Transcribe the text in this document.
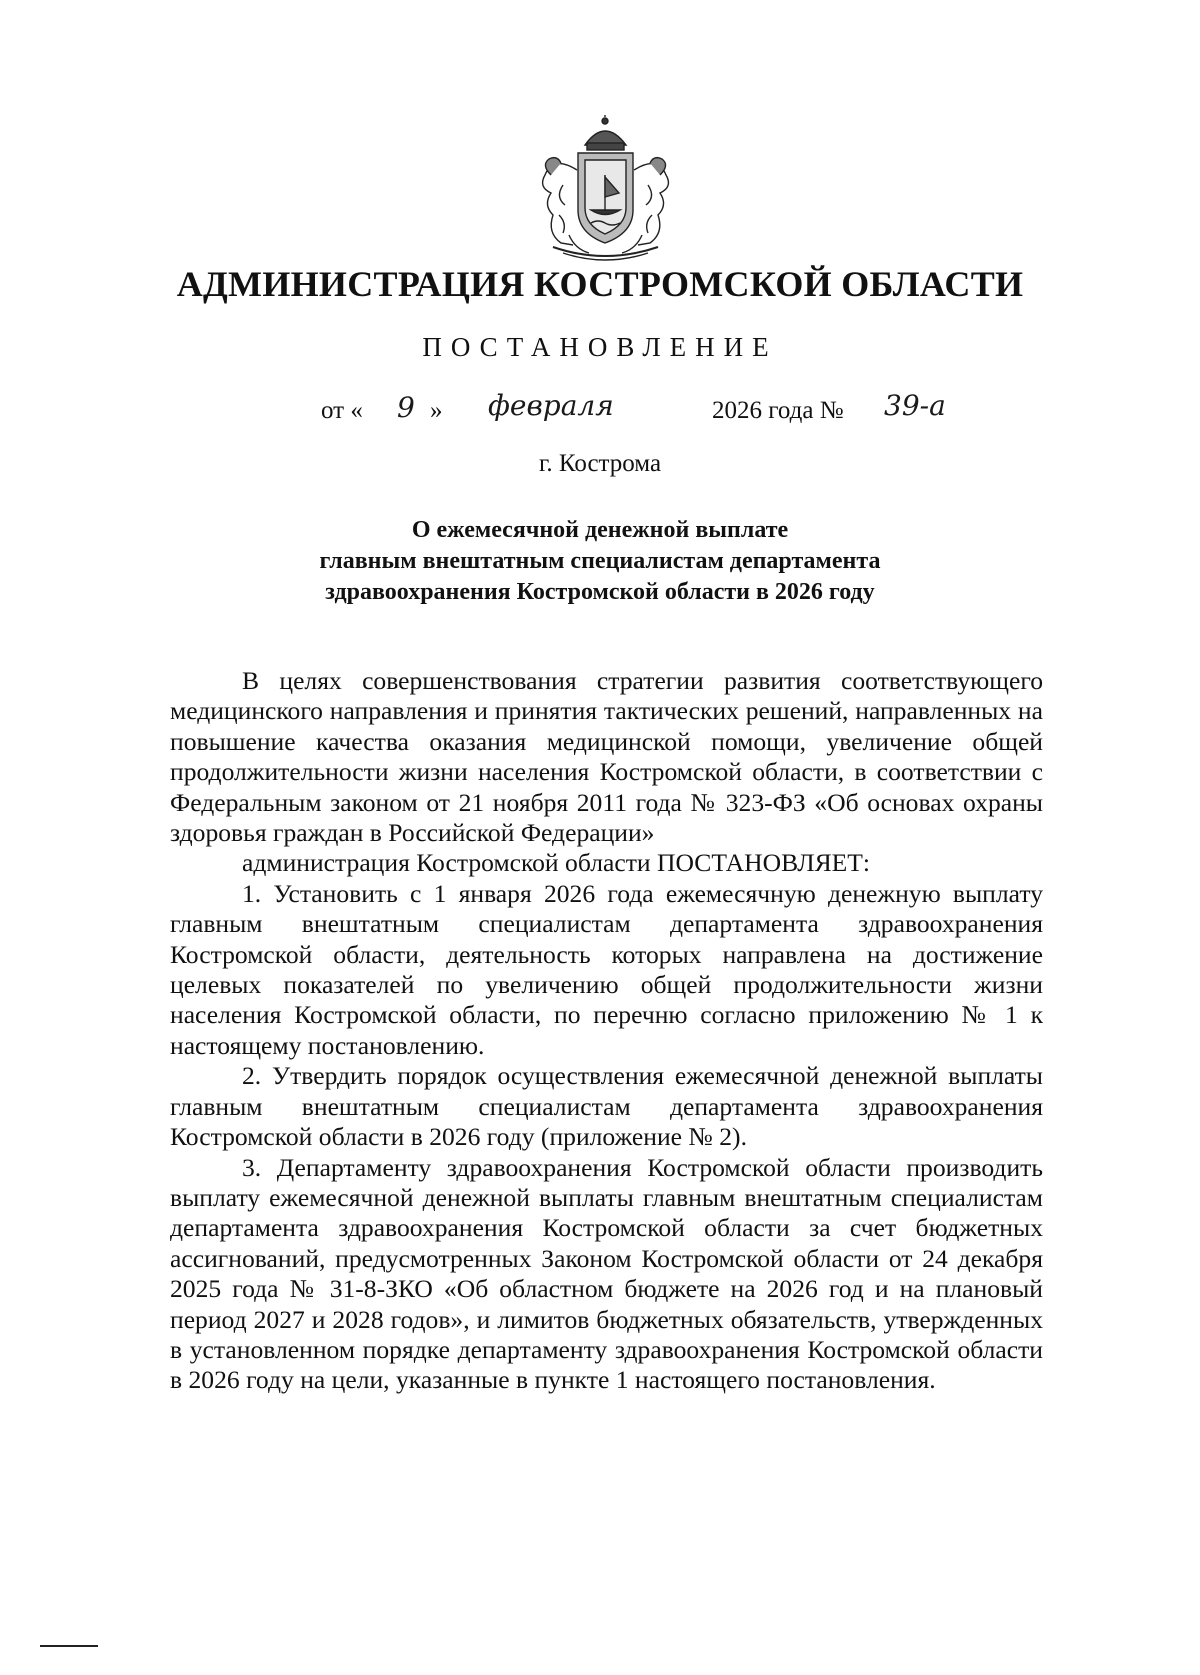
АДМИНИСТРАЦИЯ КОСТРОМСКОЙ ОБЛАСТИ
ПОСТАНОВЛЕНИЕ
от « 9 » февраля	2026 года № 39-а
г. Кострома
О ежемесячной денежной выплате
главным внештатным специалистам департамента
здравоохранения Костромской области в 2026 году

В целях совершенствования стратегии развития соответствующего медицинского направления и принятия тактических решений, направленных на повышение качества оказания медицинской помощи, увеличение общей продолжительности жизни населения Костромской области, в соответствии с Федеральным законом от 21 ноября 2011 года № 323-ФЗ «Об основах охраны здоровья граждан в Российской Федерации»

администрация Костромской области ПОСТАНОВЛЯЕТ:

1. Установить с 1 января 2026 года ежемесячную денежную выплату главным внештатным специалистам департамента здравоохранения Костромской области, деятельность которых направлена на достижение целевых показателей по увеличению общей продолжительности жизни населения Костромской области, по перечню согласно приложению № 1 к настоящему постановлению.

2. Утвердить порядок осуществления ежемесячной денежной выплаты главным внештатным специалистам департамента здравоохранения Костромской области в 2026 году (приложение № 2).

3. Департаменту здравоохранения Костромской области производить выплату ежемесячной денежной выплаты главным внештатным специалистам департамента здравоохранения Костромской области за счет бюджетных ассигнований, предусмотренных Законом Костромской области от 24 декабря 2025 года № 31-8-ЗКО «Об областном бюджете на 2026 год и на плановый период 2027 и 2028 годов», и лимитов бюджетных обязательств, утвержденных в установленном порядке департаменту здравоохранения Костромской области в 2026 году на цели, указанные в пункте 1 настоящего постановления.
